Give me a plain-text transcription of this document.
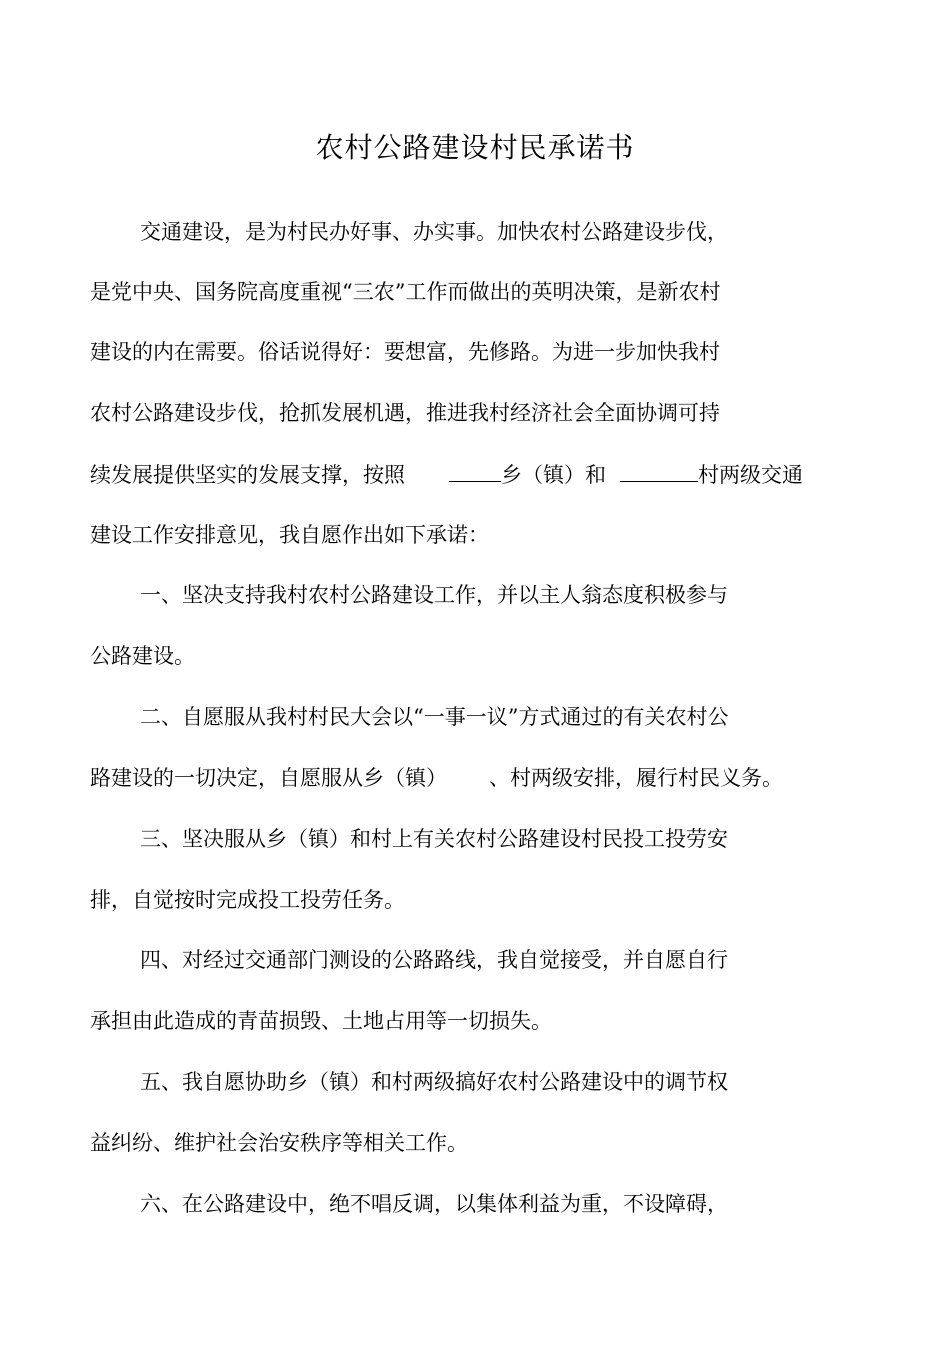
农村公路建设村民承诺书
交通建设，是为村民办好事、办实事。加快农村公路建设步伐，
是党中央、国务院高度重视“三农”工作而做出的英明决策，是新农村
建设的内在需要。俗话说得好：要想富，先修路。为进一步加快我村
农村公路建设步伐，抢抓发展机遇，推进我村经济社会全面协调可持
续发展提供坚实的发展支撑，按照	乡（镇）和	村两级交通
建设工作安排意见，我自愿作出如下承诺：
一、坚决支持我村农村公路建设工作，并以主人翁态度积极参与
公路建设。
二、自愿服从我村村民大会以“一事一议”方式通过的有关农村公
路建设的一切决定，自愿服从乡（镇） 、村两级安排，履行村民义务。
三、坚决服从乡（镇）和村上有关农村公路建设村民投工投劳安
排，自觉按时完成投工投劳任务。
四、对经过交通部门测设的公路路线，我自觉接受，并自愿自行
承担由此造成的青苗损毁、土地占用等一切损失。
五、我自愿协助乡（镇）和村两级搞好农村公路建设中的调节权
益纠纷、维护社会治安秩序等相关工作。
六、在公路建设中，绝不唱反调，以集体利益为重，不设障碍，
